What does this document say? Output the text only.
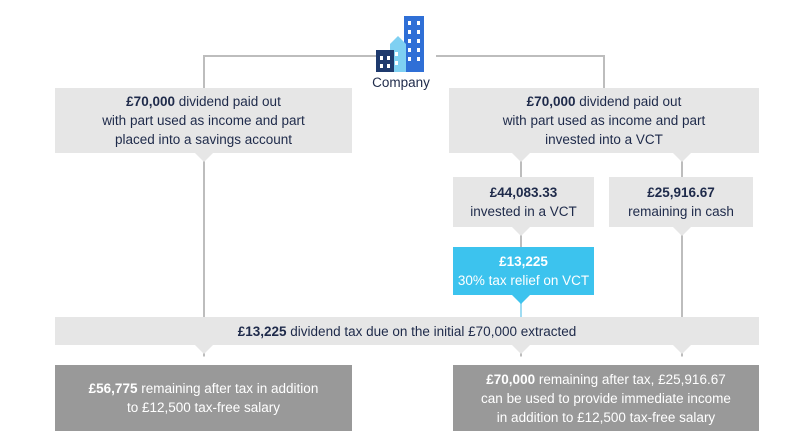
Company
£70,000 dividend paid out
with part used as income and part
placed into a savings account
£70,000 dividend paid out
with part used as income and part
invested into a VCT
£44,083.33
invested in a VCT
£25,916.67
remaining in cash
£13,225
30% tax relief on VCT
£13,225 dividend tax due on the initial £70,000 extracted
£56,775 remaining after tax in addition
to £12,500 tax-free salary
£70,000 remaining after tax, £25,916.67
can be used to provide immediate income
in addition to £12,500 tax-free salary
